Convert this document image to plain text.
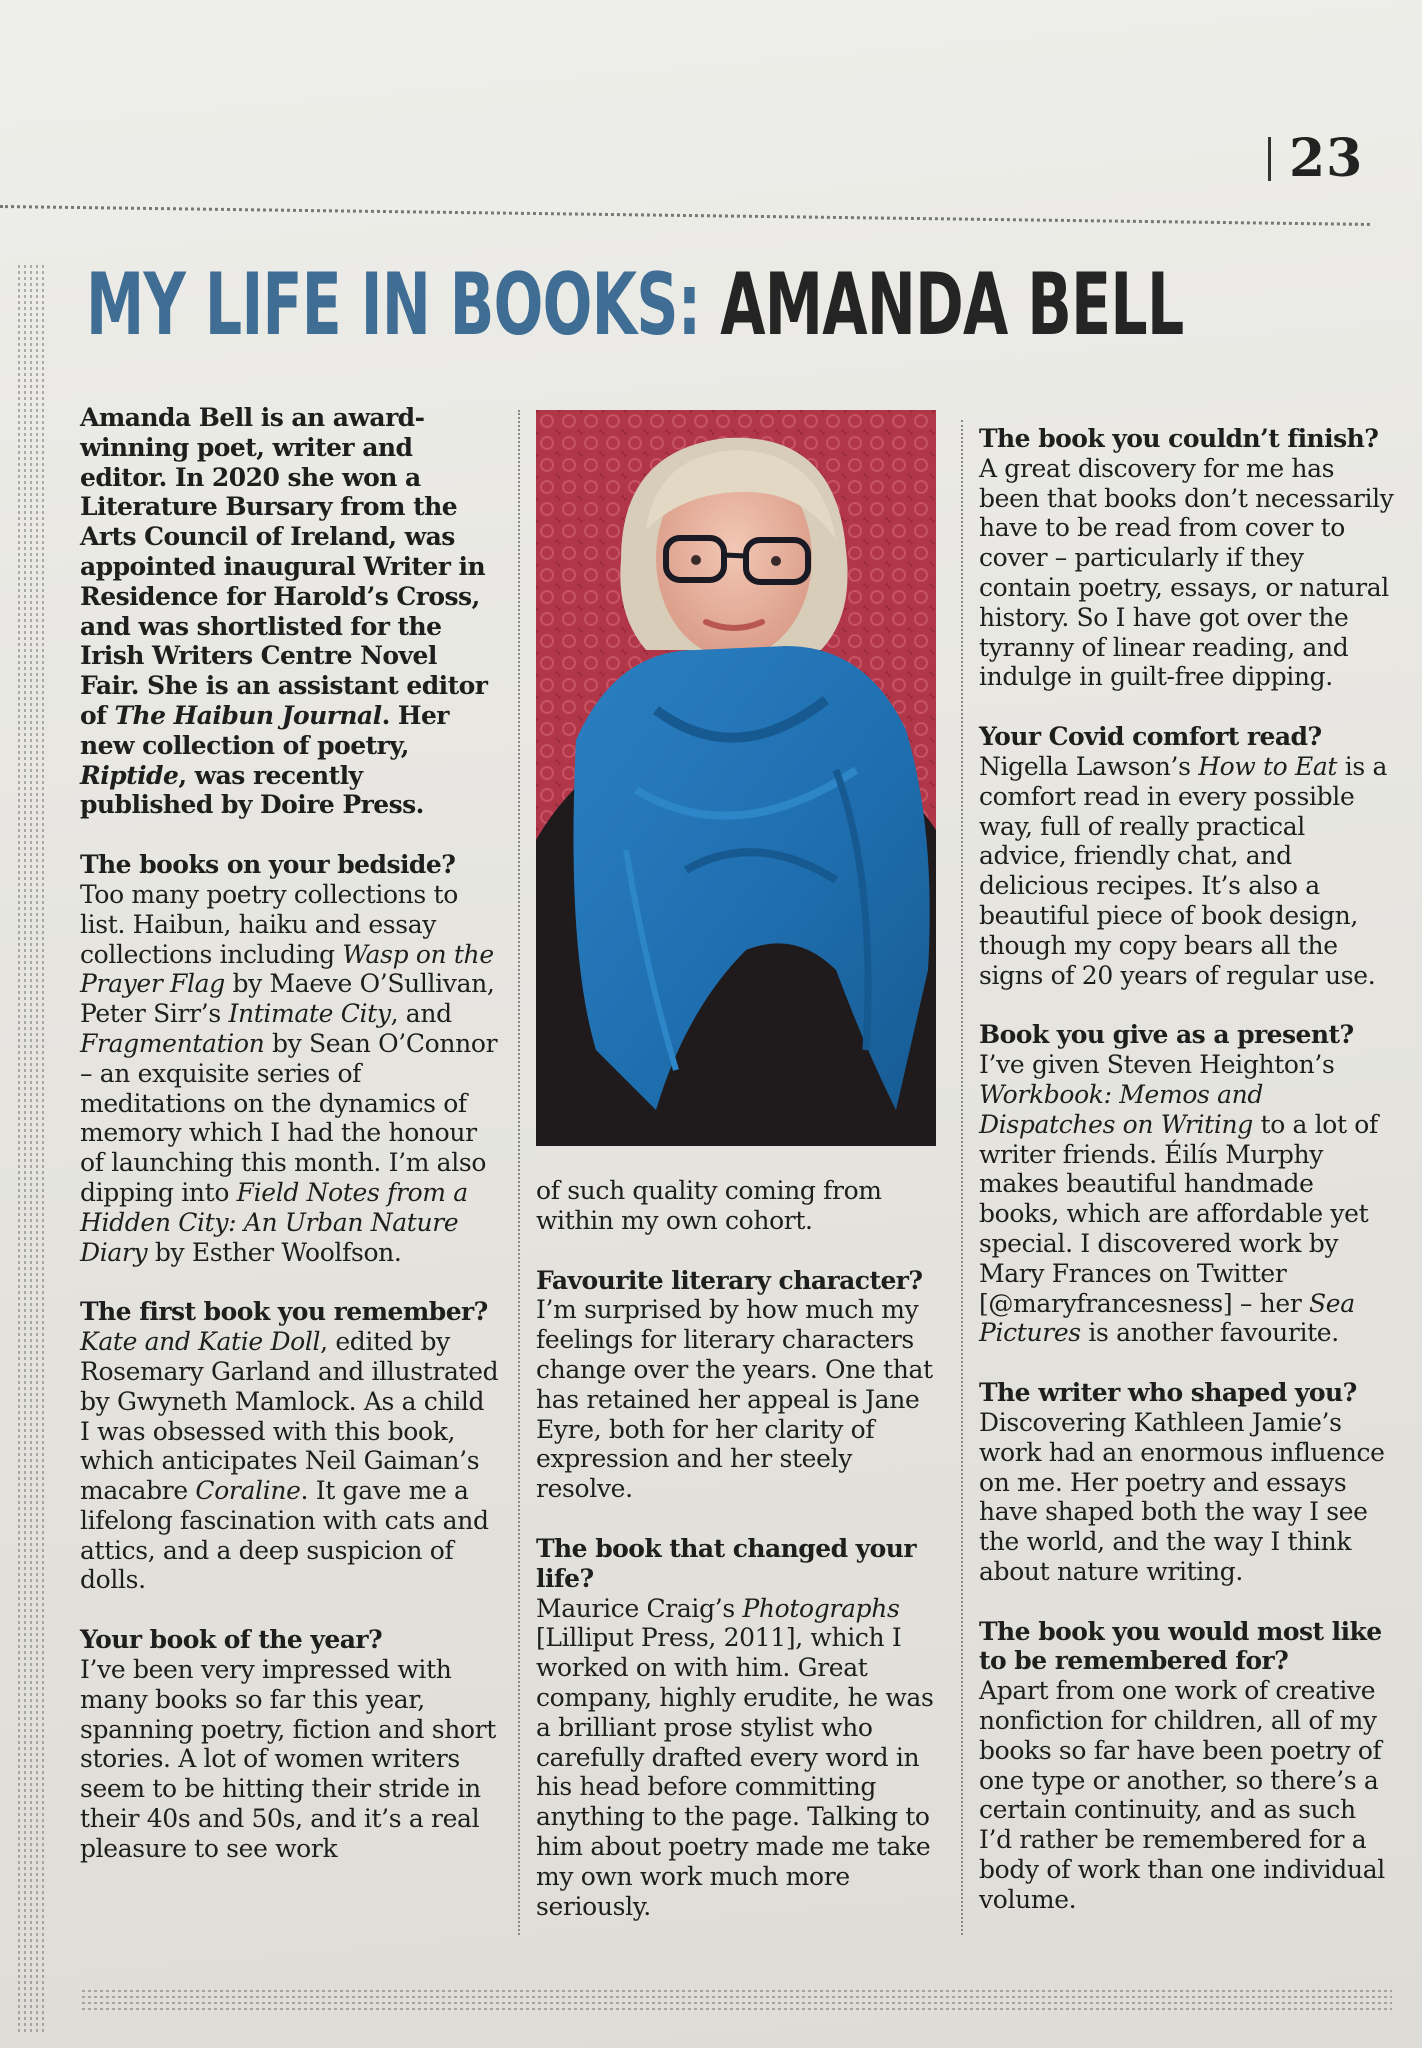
23
MY LIFE IN BOOKS: AMANDA BELL

Amanda Bell is an award-winning poet, writer and editor. In 2020 she won a Literature Bursary from the Arts Council of Ireland, was appointed inaugural Writer in Residence for Harold’s Cross, and was shortlisted for the Irish Writers Centre Novel Fair. She is an assistant editor of The Haibun Journal. Her new collection of poetry, Riptide, was recently published by Doire Press.

The books on your bedside?
Too many poetry collections to list. Haibun, haiku and essay collections including Wasp on the Prayer Flag by Maeve O’Sullivan, Peter Sirr’s Intimate City, and Fragmentation by Sean O’Connor – an exquisite series of meditations on the dynamics of memory which I had the honour of launching this month. I’m also dipping into Field Notes from a Hidden City: An Urban Nature Diary by Esther Woolfson.

The first book you remember?
Kate and Katie Doll, edited by Rosemary Garland and illustrated by Gwyneth Mamlock. As a child I was obsessed with this book, which anticipates Neil Gaiman’s macabre Coraline. It gave me a lifelong fascination with cats and attics, and a deep suspicion of dolls.

Your book of the year?
I’ve been very impressed with many books so far this year, spanning poetry, fiction and short stories. A lot of women writers seem to be hitting their stride in their 40s and 50s, and it’s a real pleasure to see work

of such quality coming from within my own cohort.

Favourite literary character?
I’m surprised by how much my feelings for literary characters change over the years. One that has retained her appeal is Jane Eyre, both for her clarity of expression and her steely resolve.

The book that changed your life?
Maurice Craig’s Photographs [Lilliput Press, 2011], which I worked on with him. Great company, highly erudite, he was a brilliant prose stylist who carefully drafted every word in his head before committing anything to the page. Talking to him about poetry made me take my own work much more seriously.

The book you couldn’t finish?
A great discovery for me has been that books don’t necessarily have to be read from cover to cover – particularly if they contain poetry, essays, or natural history. So I have got over the tyranny of linear reading, and indulge in guilt-free dipping.

Your Covid comfort read?
Nigella Lawson’s How to Eat is a comfort read in every possible way, full of really practical advice, friendly chat, and delicious recipes. It’s also a beautiful piece of book design, though my copy bears all the signs of 20 years of regular use.

Book you give as a present?
I’ve given Steven Heighton’s Workbook: Memos and Dispatches on Writing to a lot of writer friends. Éilís Murphy makes beautiful handmade books, which are affordable yet special. I discovered work by Mary Frances on Twitter [@maryfrancesness] – her Sea Pictures is another favourite.

The writer who shaped you?
Discovering Kathleen Jamie’s work had an enormous influence on me. Her poetry and essays have shaped both the way I see the world, and the way I think about nature writing.

The book you would most like to be remembered for?
Apart from one work of creative nonfiction for children, all of my books so far have been poetry of one type or another, so there’s a certain continuity, and as such I’d rather be remembered for a body of work than one individual volume.
